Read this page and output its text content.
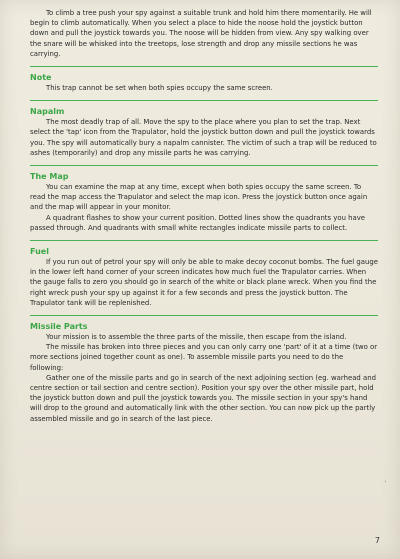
To climb a tree push your spy against a suitable trunk and hold him there momentarily. He will begin to climb automatically. When you select a place to hide the noose hold the joystick button down and pull the joystick towards you. The noose will be hidden from view. Any spy walking over the snare will be whisked into the treetops, lose strength and drop any missile sections he was carrying.

Note

This trap cannot be set when both spies occupy the same screen.

Napalm

The most deadly trap of all. Move the spy to the place where you plan to set the trap. Next select the 'tap' icon from the Trapulator, hold the joystick button down and pull the joystick towards you. The spy will automatically bury a napalm cannister. The victim of such a trap will be reduced to ashes (temporarily) and drop any missile parts he was carrying.

The Map

You can examine the map at any time, except when both spies occupy the same screen. To read the map access the Trapulator and select the map icon. Press the joystick button once again and the map will appear in your monitor.

A quadrant flashes to show your current position. Dotted lines show the quadrants you have passed through. And quadrants with small white rectangles indicate missile parts to collect.

Fuel

If you run out of petrol your spy will only be able to make decoy coconut bombs. The fuel gauge in the lower left hand corner of your screen indicates how much fuel the Trapulator carries. When the gauge falls to zero you should go in search of the white or black plane wreck. When you find the right wreck push your spy up against it for a few seconds and press the joystick button. The Trapulator tank will be replenished.

Missile Parts

Your mission is to assemble the three parts of the missile, then escape from the island.

The missile has broken into three pieces and you can only carry one 'part' of it at a time (two or more sections joined together count as one). To assemble missile parts you need to do the following:

Gather one of the missile parts and go in search of the next adjoining section (eg. warhead and centre section or tail section and centre section). Position your spy over the other missile part, hold the joystick button down and pull the joystick towards you. The missile section in your spy's hand will drop to the ground and automatically link with the other section. You can now pick up the partly assembled missile and go in search of the last piece.

'
7
